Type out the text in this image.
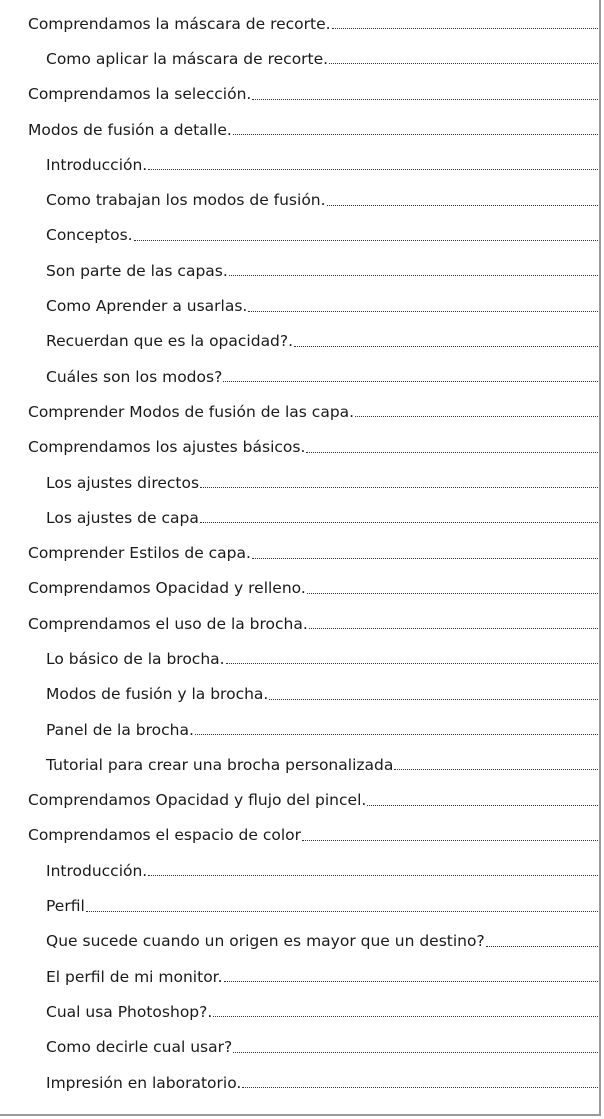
Comprendamos la máscara de recorte.
Como aplicar la máscara de recorte.
Comprendamos la selección.
Modos de fusión a detalle.
Introducción.
Como trabajan los modos de fusión.
Conceptos.
Son parte de las capas.
Como Aprender a usarlas.
Recuerdan que es la opacidad?.
Cuáles son los modos?
Comprender Modos de fusión de las capa.
Comprendamos los ajustes básicos.
Los ajustes directos
Los ajustes de capa
Comprender Estilos de capa.
Comprendamos Opacidad y relleno.
Comprendamos el uso de la brocha.
Lo básico de la brocha.
Modos de fusión y la brocha.
Panel de la brocha.
Tutorial para crear una brocha personalizada
Comprendamos Opacidad y flujo del pincel.
Comprendamos el espacio de color
Introducción.
Perfil
Que sucede cuando un origen es mayor que un destino?
El perfil de mi monitor.
Cual usa Photoshop?.
Como decirle cual usar?
Impresión en laboratorio.
